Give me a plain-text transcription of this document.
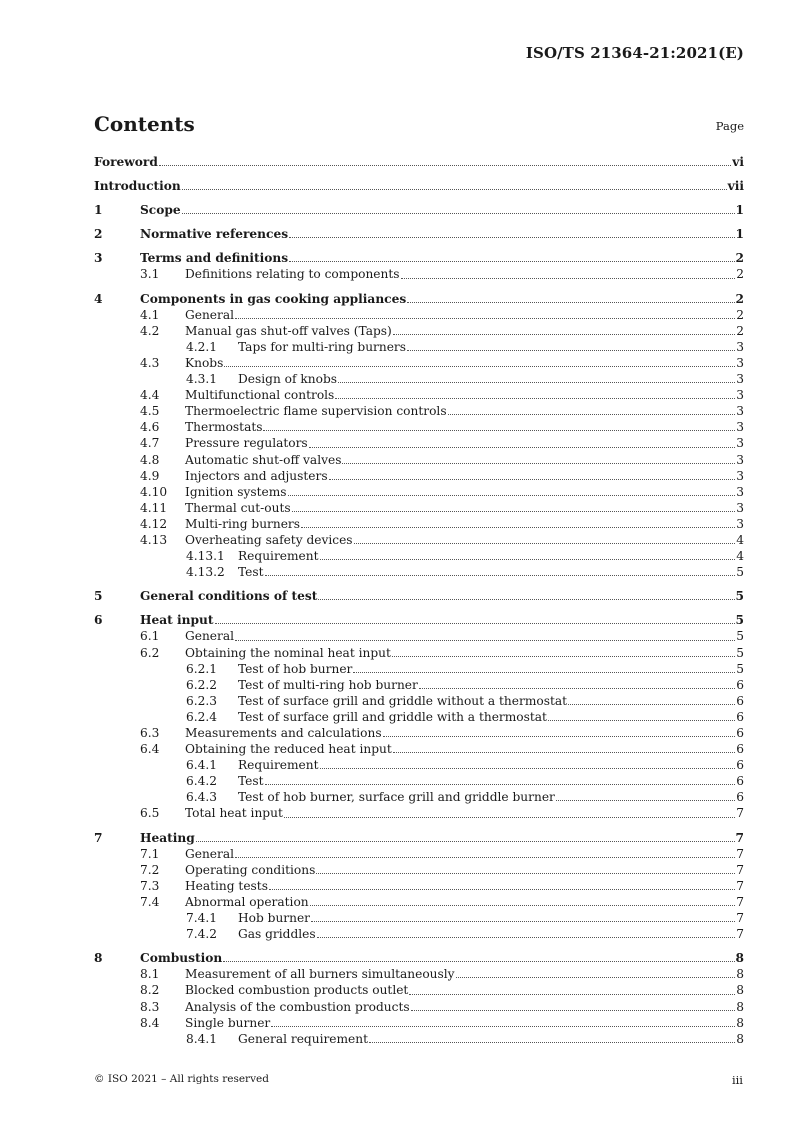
ISO/TS 21364-21:2021(E)
Contents	Page
Foreword	vi
Introduction	vii
1	Scope	1
2	Normative references	1
3	Terms and definitions	2
3.1	Definitions relating to components	2
4	Components in gas cooking appliances	2
4.1	General	2
4.2	Manual gas shut-off valves (Taps)	2
4.2.1	Taps for multi-ring burners	3
4.3	Knobs	3
4.3.1	Design of knobs	3
4.4	Multifunctional controls	3
4.5	Thermoelectric flame supervision controls	3
4.6	Thermostats	3
4.7	Pressure regulators	3
4.8	Automatic shut-off valves	3
4.9	Injectors and adjusters	3
4.10	Ignition systems	3
4.11	Thermal cut-outs	3
4.12	Multi-ring burners	3
4.13	Overheating safety devices	4
4.13.1	Requirement	4
4.13.2	Test	5
5	General conditions of test	5
6	Heat input	5
6.1	General	5
6.2	Obtaining the nominal heat input	5
6.2.1	Test of hob burner	5
6.2.2	Test of multi-ring hob burner	6
6.2.3	Test of surface grill and griddle without a thermostat	6
6.2.4	Test of surface grill and griddle with a thermostat	6
6.3	Measurements and calculations	6
6.4	Obtaining the reduced heat input	6
6.4.1	Requirement	6
6.4.2	Test	6
6.4.3	Test of hob burner, surface grill and griddle burner	6
6.5	Total heat input	7
7	Heating	7
7.1	General	7
7.2	Operating conditions	7
7.3	Heating tests	7
7.4	Abnormal operation	7
7.4.1	Hob burner	7
7.4.2	Gas griddles	7
8	Combustion	8
8.1	Measurement of all burners simultaneously	8
8.2	Blocked combustion products outlet	8
8.3	Analysis of the combustion products	8
8.4	Single burner	8
8.4.1	General requirement	8
© ISO 2021 – All rights reserved	iii
